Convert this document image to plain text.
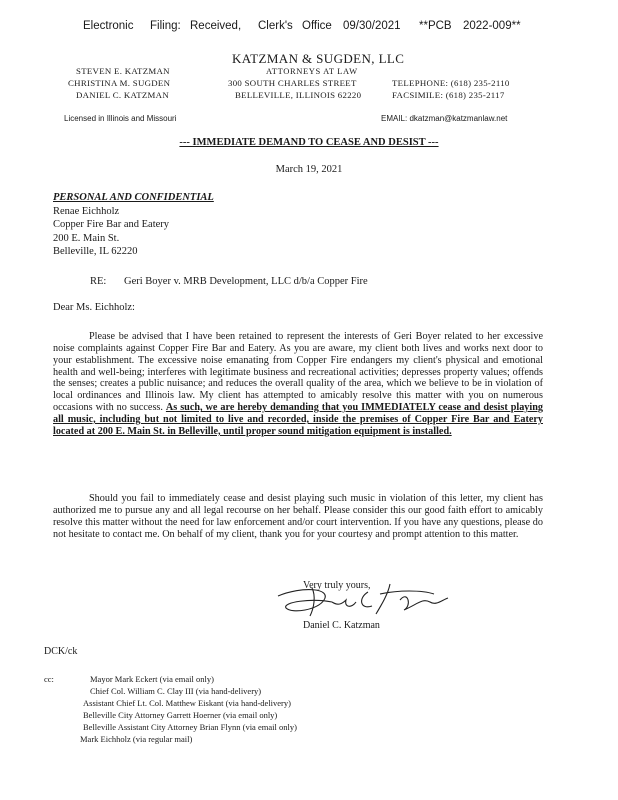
Electronic Filing: Received, Clerk's Office 09/30/2021 **PCB 2022-009**
KATZMAN & SUGDEN, LLC
ATTORNEYS AT LAW
STEVEN E. KATZMAN
CHRISTINA M. SUGDEN
DANIEL C. KATZMAN
300 SOUTH CHARLES STREET
BELLEVILLE, ILLINOIS 62220
TELEPHONE: (618) 235-2110
FACSIMILE: (618) 235-2117
Licensed in Illinois and Missouri	EMAIL: dkatzman@katzmanlaw.net
--- IMMEDIATE DEMAND TO CEASE AND DESIST ---
March 19, 2021
PERSONAL AND CONFIDENTIAL
Renae Eichholz
Copper Fire Bar and Eatery
200 E. Main St.
Belleville, IL 62220
RE: Geri Boyer v. MRB Development, LLC d/b/a Copper Fire
Dear Ms. Eichholz:

Please be advised that I have been retained to represent the interests of Geri Boyer related to her excessive noise complaints against Copper Fire Bar and Eatery. As you are aware, my client both lives and works next door to your establishment. The excessive noise emanating from Copper Fire endangers my client's physical and emotional health and well-being; interferes with legitimate business and recreational activities; depresses property values; offends the senses; creates a public nuisance; and reduces the overall quality of the area, which we believe to be in violation of local ordinances and Illinois law. My client has attempted to amicably resolve this matter with you on numerous occasions with no success. As such, we are hereby demanding that you IMMEDIATELY cease and desist playing all music, including but not limited to live and recorded, inside the premises of Copper Fire Bar and Eatery located at 200 E. Main St. in Belleville, until proper sound mitigation equipment is installed.

Should you fail to immediately cease and desist playing such music in violation of this letter, my client has authorized me to pursue any and all legal recourse on her behalf. Please consider this our good faith effort to amicably resolve this matter without the need for law enforcement and/or court intervention. If you have any questions, please do not hesitate to contact me. On behalf of my client, thank you for your courtesy and prompt attention to this matter.

Very truly yours,
Daniel C. Katzman
DCK/ck
cc:	Mayor Mark Eckert (via email only)
Chief Col. William C. Clay III (via hand-delivery)
Assistant Chief Lt. Col. Matthew Eiskant (via hand-delivery)
Belleville City Attorney Garrett Hoerner (via email only)
Belleville Assistant City Attorney Brian Flynn (via email only)
Mark Eichholz (via regular mail)
